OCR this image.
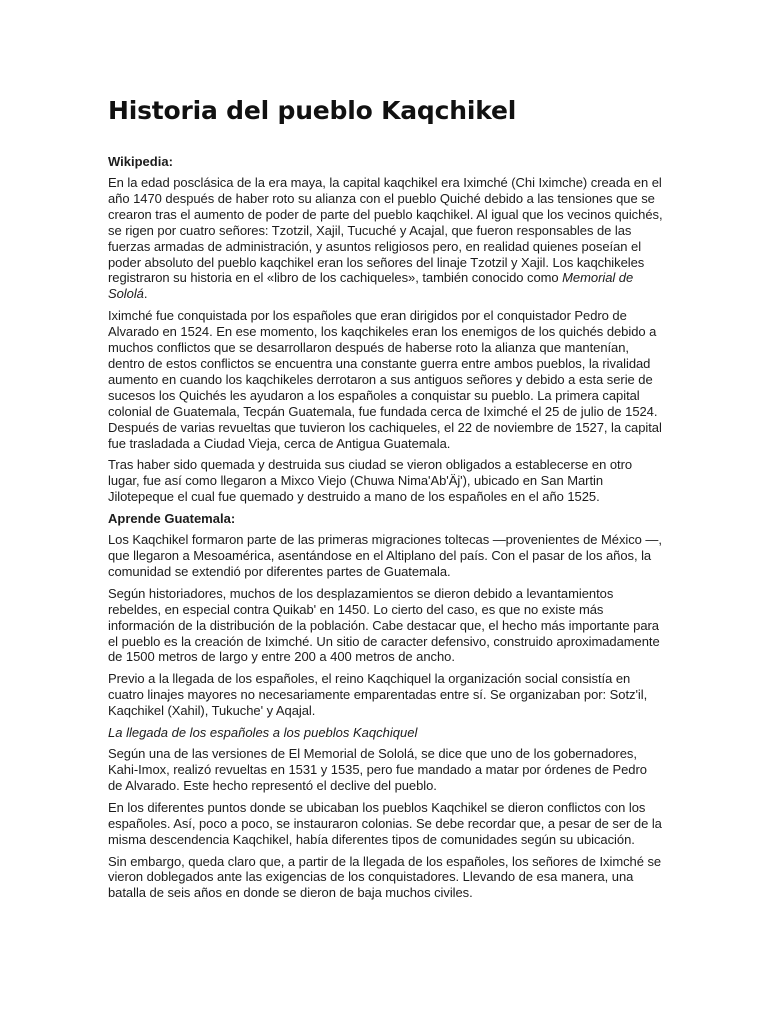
Historia del pueblo Kaqchikel
Wikipedia:

En la edad posclásica de la era maya, la capital kaqchikel era Iximché (Chi Iximche) creada en el año 1470 después de haber roto su alianza con el pueblo Quiché debido a las tensiones que se crearon tras el aumento de poder de parte del pueblo kaqchikel. Al igual que los vecinos quichés, se rigen por cuatro señores: Tzotzil, Xajil, Tucuché y Acajal, que fueron responsables de las fuerzas armadas de administración, y asuntos religiosos pero, en realidad quienes poseían el poder absoluto del pueblo kaqchikel eran los señores del linaje Tzotzil y Xajil. Los kaqchikeles registraron su historia en el «libro de los cachiqueles», también conocido como Memorial de Sololá.

Iximché fue conquistada por los españoles que eran dirigidos por el conquistador Pedro de Alvarado en 1524. En ese momento, los kaqchikeles eran los enemigos de los quichés debido a muchos conflictos que se desarrollaron después de haberse roto la alianza que mantenían, dentro de estos conflictos se encuentra una constante guerra entre ambos pueblos, la rivalidad aumento en cuando los kaqchikeles derrotaron a sus antiguos señores y debido a esta serie de sucesos los Quichés les ayudaron a los españoles a conquistar su pueblo. La primera capital colonial de Guatemala, Tecpán Guatemala, fue fundada cerca de Iximché el 25 de julio de 1524. Después de varias revueltas que tuvieron los cachiqueles, el 22 de noviembre de 1527, la capital fue trasladada a Ciudad Vieja, cerca de Antigua Guatemala.

Tras haber sido quemada y destruida sus ciudad se vieron obligados a establecerse en otro lugar, fue así como llegaron a Mixco Viejo (Chuwa Nima'Ab'Äj'), ubicado en San Martin Jilotepeque el cual fue quemado y destruido a mano de los españoles en el año 1525.

Aprende Guatemala:

Los Kaqchikel formaron parte de las primeras migraciones toltecas —provenientes de México —, que llegaron a Mesoamérica, asentándose en el Altiplano del país. Con el pasar de los años, la comunidad se extendió por diferentes partes de Guatemala.

Según historiadores, muchos de los desplazamientos se dieron debido a levantamientos rebeldes, en especial contra Quikab' en 1450. Lo cierto del caso, es que no existe más información de la distribución de la población. Cabe destacar que, el hecho más importante para el pueblo es la creación de Iximché. Un sitio de caracter defensivo, construido aproximadamente de 1500 metros de largo y entre 200 a 400 metros de ancho.

Previo a la llegada de los españoles, el reino Kaqchiquel la organización social consistía en cuatro linajes mayores no necesariamente emparentadas entre sí. Se organizaban por: Sotz'il, Kaqchikel (Xahil), Tukuche' y Aqajal.

La llegada de los españoles a los pueblos Kaqchiquel

Según una de las versiones de El Memorial de Sololá, se dice que uno de los gobernadores, Kahi-Imox, realizó revueltas en 1531 y 1535, pero fue mandado a matar por órdenes de Pedro de Alvarado. Este hecho representó el declive del pueblo.

En los diferentes puntos donde se ubicaban los pueblos Kaqchikel se dieron conflictos con los españoles. Así, poco a poco, se instauraron colonias. Se debe recordar que, a pesar de ser de la misma descendencia Kaqchikel, había diferentes tipos de comunidades según su ubicación.

Sin embargo, queda claro que, a partir de la llegada de los españoles, los señores de Iximché se vieron doblegados ante las exigencias de los conquistadores. Llevando de esa manera, una batalla de seis años en donde se dieron de baja muchos civiles.
